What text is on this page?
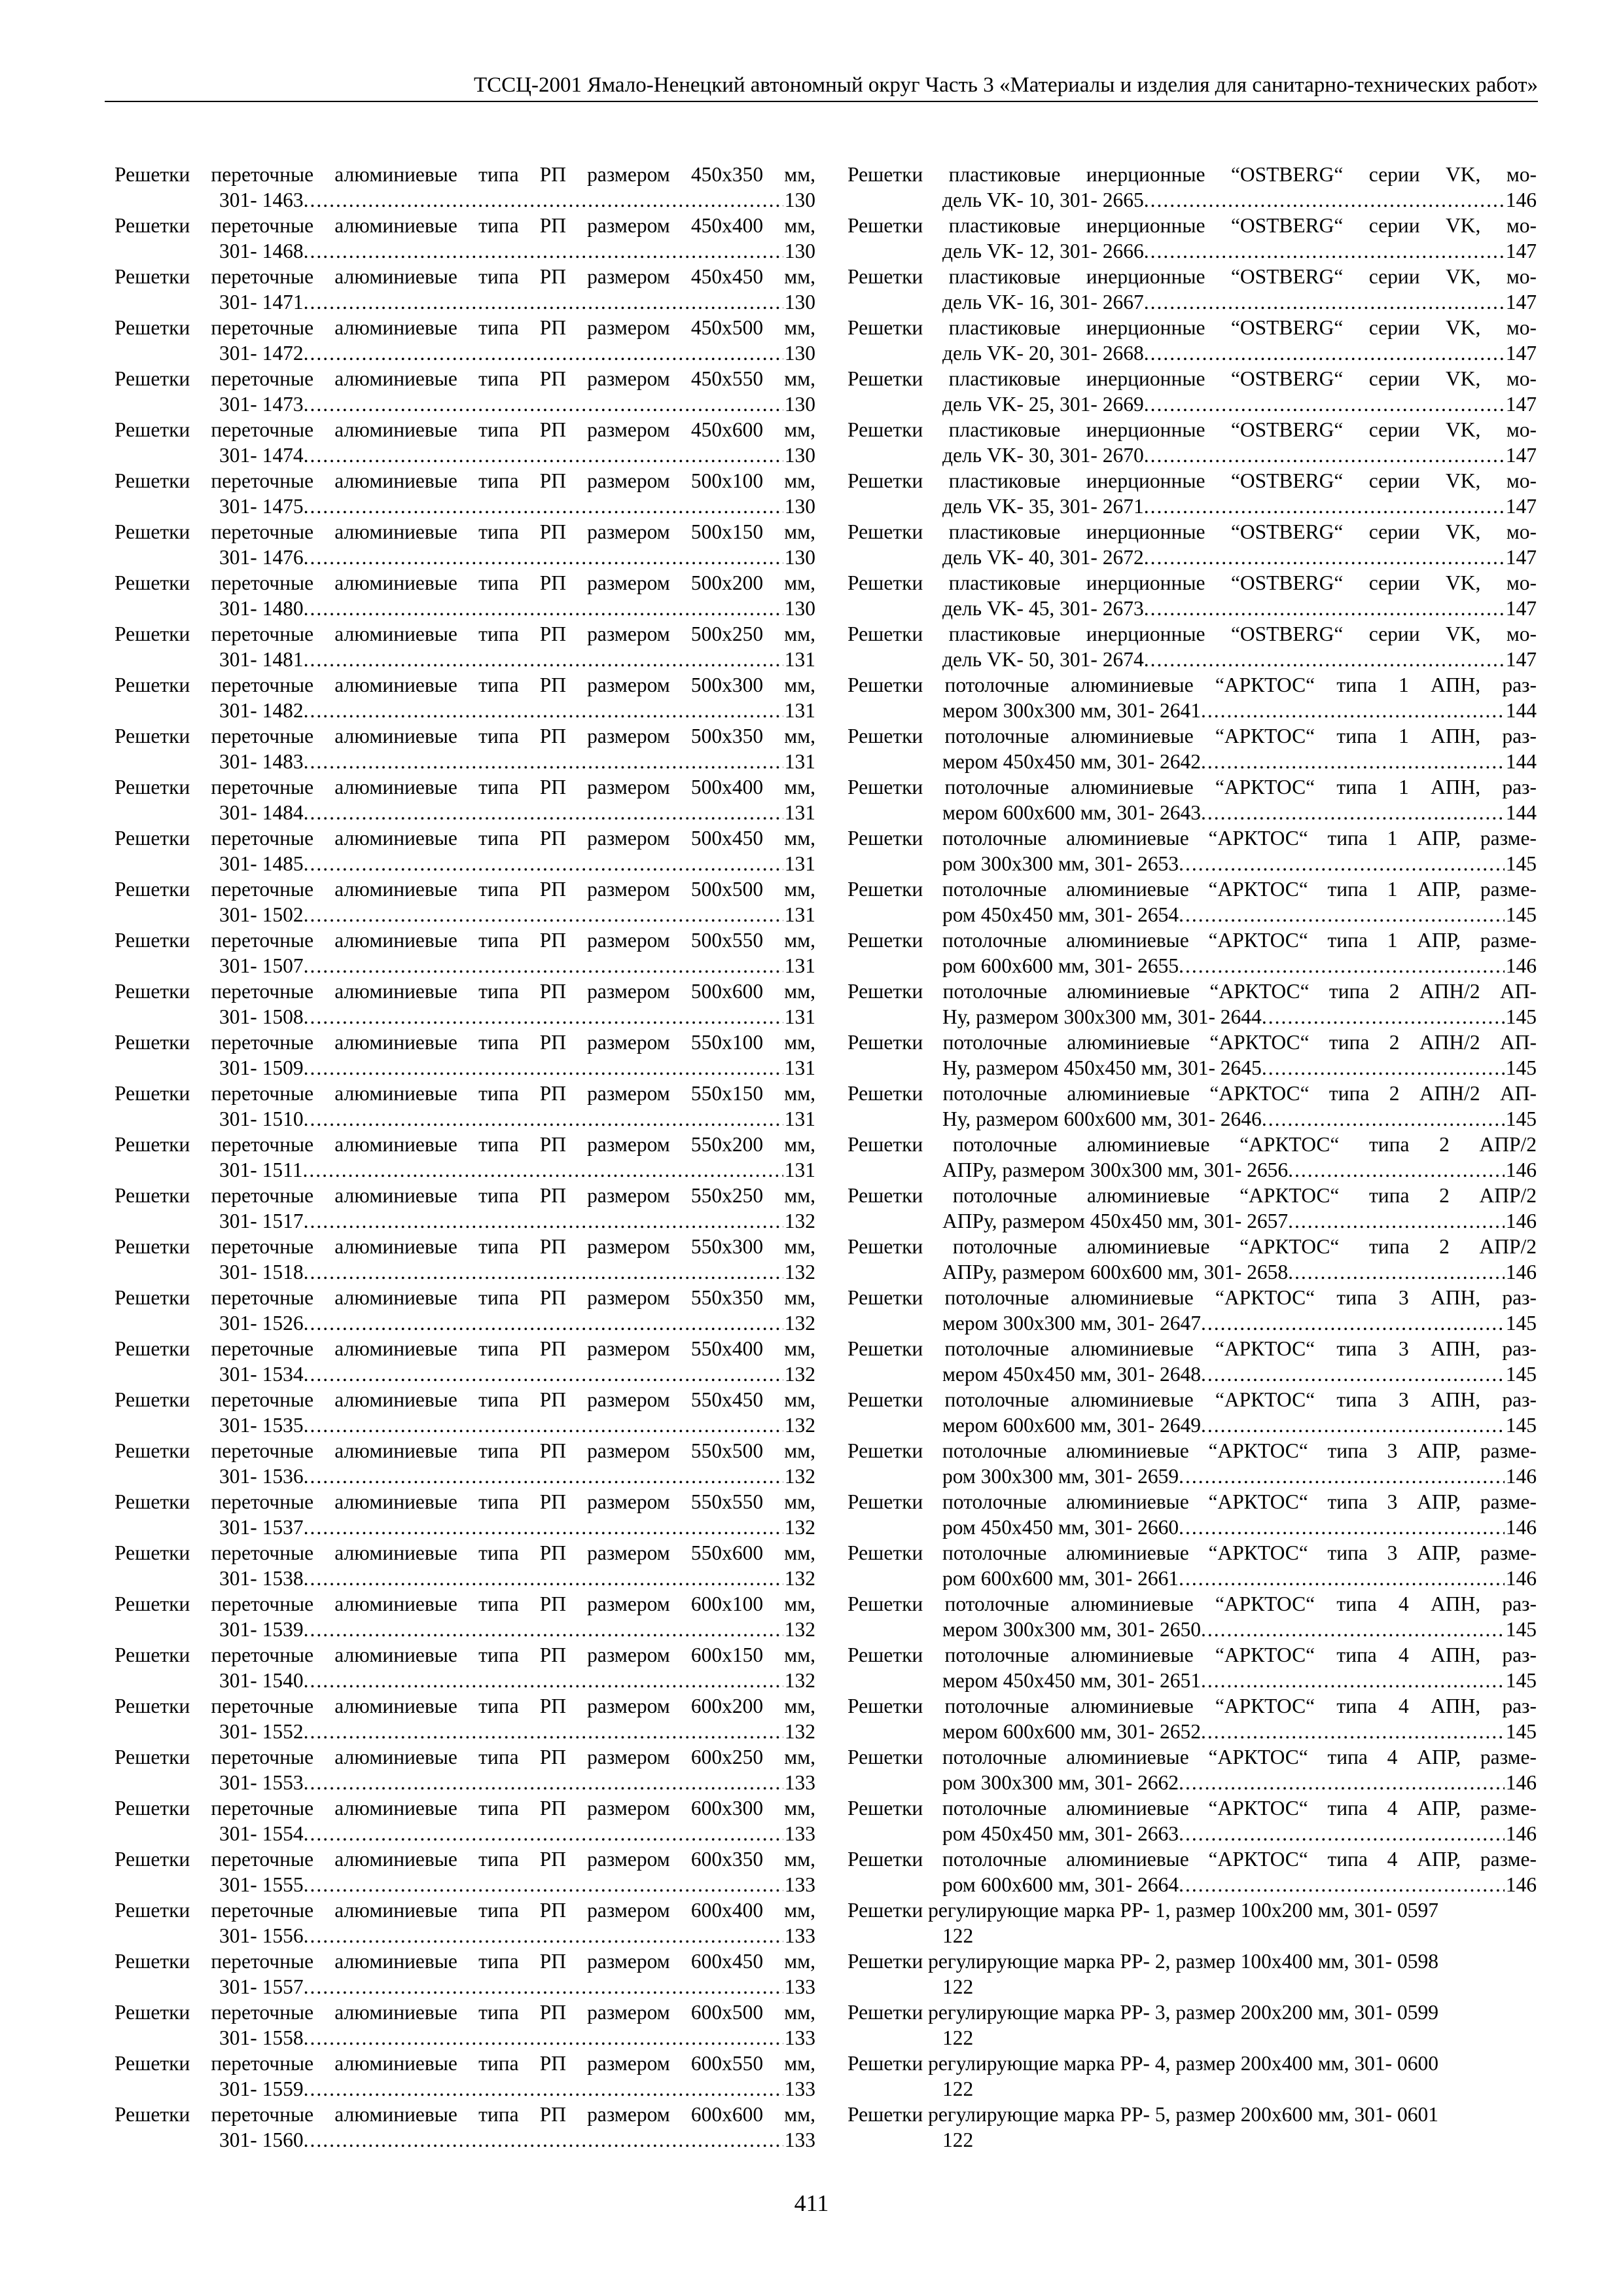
ТССЦ-2001 Ямало-Ненецкий автономный округ Часть 3 «Материалы и изделия для санитарно-технических работ»
Решетки переточные алюминиевые типа РП размером 450х350 мм,
301- 1463 .....	130
Решетки переточные алюминиевые типа РП размером 450х400 мм,
301- 1468 .....	130
Решетки переточные алюминиевые типа РП размером 450х450 мм,
301- 1471 .....	130
Решетки переточные алюминиевые типа РП размером 450х500 мм,
301- 1472 .....	130
Решетки переточные алюминиевые типа РП размером 450х550 мм,
301- 1473 .....	130
Решетки переточные алюминиевые типа РП размером 450х600 мм,
301- 1474 .....	130
Решетки переточные алюминиевые типа РП размером 500х100 мм,
301- 1475 .....	130
Решетки переточные алюминиевые типа РП размером 500х150 мм,
301- 1476 .....	130
Решетки переточные алюминиевые типа РП размером 500х200 мм,
301- 1480 .....	130
Решетки переточные алюминиевые типа РП размером 500х250 мм,
301- 1481 .....	131
Решетки переточные алюминиевые типа РП размером 500х300 мм,
301- 1482 .....	131
Решетки переточные алюминиевые типа РП размером 500х350 мм,
301- 1483 .....	131
Решетки переточные алюминиевые типа РП размером 500х400 мм,
301- 1484 .....	131
Решетки переточные алюминиевые типа РП размером 500х450 мм,
301- 1485 .....	131
Решетки переточные алюминиевые типа РП размером 500х500 мм,
301- 1502 .....	131
Решетки переточные алюминиевые типа РП размером 500х550 мм,
301- 1507 .....	131
Решетки переточные алюминиевые типа РП размером 500х600 мм,
301- 1508 .....	131
Решетки переточные алюминиевые типа РП размером 550х100 мм,
301- 1509 .....	131
Решетки переточные алюминиевые типа РП размером 550х150 мм,
301- 1510 .....	131
Решетки переточные алюминиевые типа РП размером 550х200 мм,
301- 1511 .....	131
Решетки переточные алюминиевые типа РП размером 550х250 мм,
301- 1517 .....	132
Решетки переточные алюминиевые типа РП размером 550х300 мм,
301- 1518 .....	132
Решетки переточные алюминиевые типа РП размером 550х350 мм,
301- 1526 .....	132
Решетки переточные алюминиевые типа РП размером 550х400 мм,
301- 1534 .....	132
Решетки переточные алюминиевые типа РП размером 550х450 мм,
301- 1535 .....	132
Решетки переточные алюминиевые типа РП размером 550х500 мм,
301- 1536 .....	132
Решетки переточные алюминиевые типа РП размером 550х550 мм,
301- 1537 .....	132
Решетки переточные алюминиевые типа РП размером 550х600 мм,
301- 1538 .....	132
Решетки переточные алюминиевые типа РП размером 600х100 мм,
301- 1539 .....	132
Решетки переточные алюминиевые типа РП размером 600х150 мм,
301- 1540 .....	132
Решетки переточные алюминиевые типа РП размером 600х200 мм,
301- 1552 .....	132
Решетки переточные алюминиевые типа РП размером 600х250 мм,
301- 1553 .....	133
Решетки переточные алюминиевые типа РП размером 600х300 мм,
301- 1554 .....	133
Решетки переточные алюминиевые типа РП размером 600х350 мм,
301- 1555 .....	133
Решетки переточные алюминиевые типа РП размером 600х400 мм,
301- 1556 .....	133
Решетки переточные алюминиевые типа РП размером 600х450 мм,
301- 1557 .....	133
Решетки переточные алюминиевые типа РП размером 600х500 мм,
301- 1558 .....	133
Решетки переточные алюминиевые типа РП размером 600х550 мм,
301- 1559 .....	133
Решетки переточные алюминиевые типа РП размером 600х600 мм,
301- 1560 .....	133
Решетки пластиковые инерционные “OSTBERG“ серии VK, мо-
дель VK- 10, 301- 2665 .....	146
Решетки пластиковые инерционные “OSTBERG“ серии VK, мо-
дель VK- 12, 301- 2666 .....	147
Решетки пластиковые инерционные “OSTBERG“ серии VK, мо-
дель VK- 16, 301- 2667 .....	147
Решетки пластиковые инерционные “OSTBERG“ серии VK, мо-
дель VK- 20, 301- 2668 .....	147
Решетки пластиковые инерционные “OSTBERG“ серии VK, мо-
дель VK- 25, 301- 2669 .....	147
Решетки пластиковые инерционные “OSTBERG“ серии VK, мо-
дель VK- 30, 301- 2670 .....	147
Решетки пластиковые инерционные “OSTBERG“ серии VK, мо-
дель VK- 35, 301- 2671 .....	147
Решетки пластиковые инерционные “OSTBERG“ серии VK, мо-
дель VK- 40, 301- 2672 .....	147
Решетки пластиковые инерционные “OSTBERG“ серии VK, мо-
дель VK- 45, 301- 2673 .....	147
Решетки пластиковые инерционные “OSTBERG“ серии VK, мо-
дель VK- 50, 301- 2674 .....	147
Решетки потолочные алюминиевые “АРКТОС“ типа 1 АПН, раз-
мером 300х300 мм, 301- 2641 .....	144
Решетки потолочные алюминиевые “АРКТОС“ типа 1 АПН, раз-
мером 450х450 мм, 301- 2642 .....	144
Решетки потолочные алюминиевые “АРКТОС“ типа 1 АПН, раз-
мером 600х600 мм, 301- 2643 .....	144
Решетки потолочные алюминиевые “АРКТОС“ типа 1 АПР, разме-
ром 300х300 мм, 301- 2653 .....	145
Решетки потолочные алюминиевые “АРКТОС“ типа 1 АПР, разме-
ром 450х450 мм, 301- 2654 .....	145
Решетки потолочные алюминиевые “АРКТОС“ типа 1 АПР, разме-
ром 600х600 мм, 301- 2655 .....	146
Решетки потолочные алюминиевые “АРКТОС“ типа 2 АПН/2 АП-
Ну, размером 300х300 мм, 301- 2644 .....	145
Решетки потолочные алюминиевые “АРКТОС“ типа 2 АПН/2 АП-
Ну, размером 450х450 мм, 301- 2645 .....	145
Решетки потолочные алюминиевые “АРКТОС“ типа 2 АПН/2 АП-
Ну, размером 600х600 мм, 301- 2646 .....	145
Решетки потолочные алюминиевые “АРКТОС“ типа 2 АПР/2
АПРу, размером 300х300 мм, 301- 2656 .....	146
Решетки потолочные алюминиевые “АРКТОС“ типа 2 АПР/2
АПРу, размером 450х450 мм, 301- 2657 .....	146
Решетки потолочные алюминиевые “АРКТОС“ типа 2 АПР/2
АПРу, размером 600х600 мм, 301- 2658 .....	146
Решетки потолочные алюминиевые “АРКТОС“ типа 3 АПН, раз-
мером 300х300 мм, 301- 2647 .....	145
Решетки потолочные алюминиевые “АРКТОС“ типа 3 АПН, раз-
мером 450х450 мм, 301- 2648 .....	145
Решетки потолочные алюминиевые “АРКТОС“ типа 3 АПН, раз-
мером 600х600 мм, 301- 2649 .....	145
Решетки потолочные алюминиевые “АРКТОС“ типа 3 АПР, разме-
ром 300х300 мм, 301- 2659 .....	146
Решетки потолочные алюминиевые “АРКТОС“ типа 3 АПР, разме-
ром 450х450 мм, 301- 2660 .....	146
Решетки потолочные алюминиевые “АРКТОС“ типа 3 АПР, разме-
ром 600х600 мм, 301- 2661 .....	146
Решетки потолочные алюминиевые “АРКТОС“ типа 4 АПН, раз-
мером 300х300 мм, 301- 2650 .....	145
Решетки потолочные алюминиевые “АРКТОС“ типа 4 АПН, раз-
мером 450х450 мм, 301- 2651 .....	145
Решетки потолочные алюминиевые “АРКТОС“ типа 4 АПН, раз-
мером 600х600 мм, 301- 2652 .....	145
Решетки потолочные алюминиевые “АРКТОС“ типа 4 АПР, разме-
ром 300х300 мм, 301- 2662 .....	146
Решетки потолочные алюминиевые “АРКТОС“ типа 4 АПР, разме-
ром 450х450 мм, 301- 2663 .....	146
Решетки потолочные алюминиевые “АРКТОС“ типа 4 АПР, разме-
ром 600х600 мм, 301- 2664 .....	146
Решетки регулирующие марка РР- 1, размер 100х200 мм, 301- 0597
122
Решетки регулирующие марка РР- 2, размер 100х400 мм, 301- 0598
122
Решетки регулирующие марка РР- 3, размер 200х200 мм, 301- 0599
122
Решетки регулирующие марка РР- 4, размер 200х400 мм, 301- 0600
122
Решетки регулирующие марка РР- 5, размер 200х600 мм, 301- 0601
122
411
